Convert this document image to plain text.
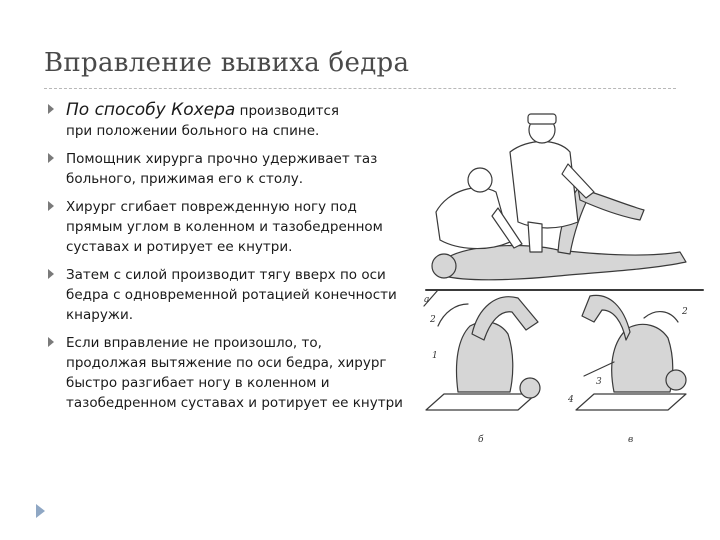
Вправление вывиха бедра
По способу Кохера производится
при положении больного на спине.
Помощник хирурга прочно удерживает таз больного, прижимая его к столу.
Хирург сгибает поврежденную ногу под прямым углом в коленном и тазобедренном суставах и ротирует ее кнутри.
Затем с силой производит тягу вверх по оси бедра с одновременной ротацией конечности кнаружи.
Если вправление не произошло, то, продолжая вытяжение по оси бедра, хирург быстро разгибает ногу в коленном и тазобедренном суставах и ротирует ее кнутри
а
б	в
2
1
2
3
4
